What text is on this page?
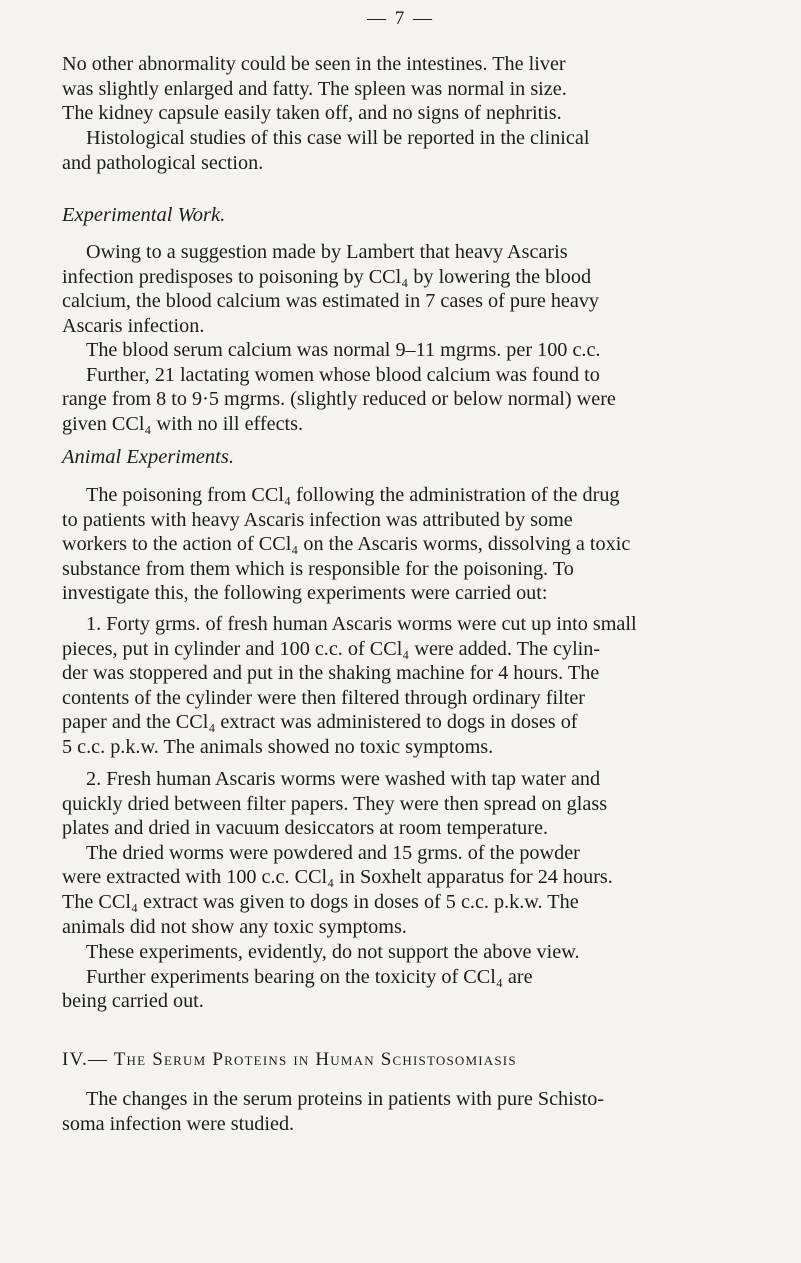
— 7 —

No other abnormality could be seen in the intestines. The liver

was slightly enlarged and fatty. The spleen was normal in size.

The kidney capsule easily taken off, and no signs of nephritis.

Histological studies of this case will be reported in the clinical

and pathological section.

Experimental Work.

Owing to a suggestion made by Lambert that heavy Ascaris

infection predisposes to poisoning by CCl₄ by lowering the blood

calcium, the blood calcium was estimated in 7 cases of pure heavy

Ascaris infection.

The blood serum calcium was normal 9–11 mgrms. per 100 c.c.

Further, 21 lactating women whose blood calcium was found to

range from 8 to 9·5 mgrms. (slightly reduced or below normal) were

given CCl₄ with no ill effects.

Animal Experiments.

The poisoning from CCl₄ following the administration of the drug

to patients with heavy Ascaris infection was attributed by some

workers to the action of CCl₄ on the Ascaris worms, dissolving a toxic

substance from them which is responsible for the poisoning. To

investigate this, the following experiments were carried out:

1. Forty grms. of fresh human Ascaris worms were cut up into small

pieces, put in cylinder and 100 c.c. of CCl₄ were added. The cylin-

der was stoppered and put in the shaking machine for 4 hours. The

contents of the cylinder were then filtered through ordinary filter

paper and the CCl₄ extract was administered to dogs in doses of

5 c.c. p.k.w. The animals showed no toxic symptoms.

2. Fresh human Ascaris worms were washed with tap water and

quickly dried between filter papers. They were then spread on glass

plates and dried in vacuum desiccators at room temperature.

The dried worms were powdered and 15 grms. of the powder

were extracted with 100 c.c. CCl₄ in Soxhelt apparatus for 24 hours.

The CCl₄ extract was given to dogs in doses of 5 c.c. p.k.w. The

animals did not show any toxic symptoms.

These experiments, evidently, do not support the above view.

Further experiments bearing on the toxicity of CCl₄ are

being carried out.

IV.— The Serum Proteins in Human Schistosomiasis

The changes in the serum proteins in patients with pure Schisto-

soma infection were studied.
